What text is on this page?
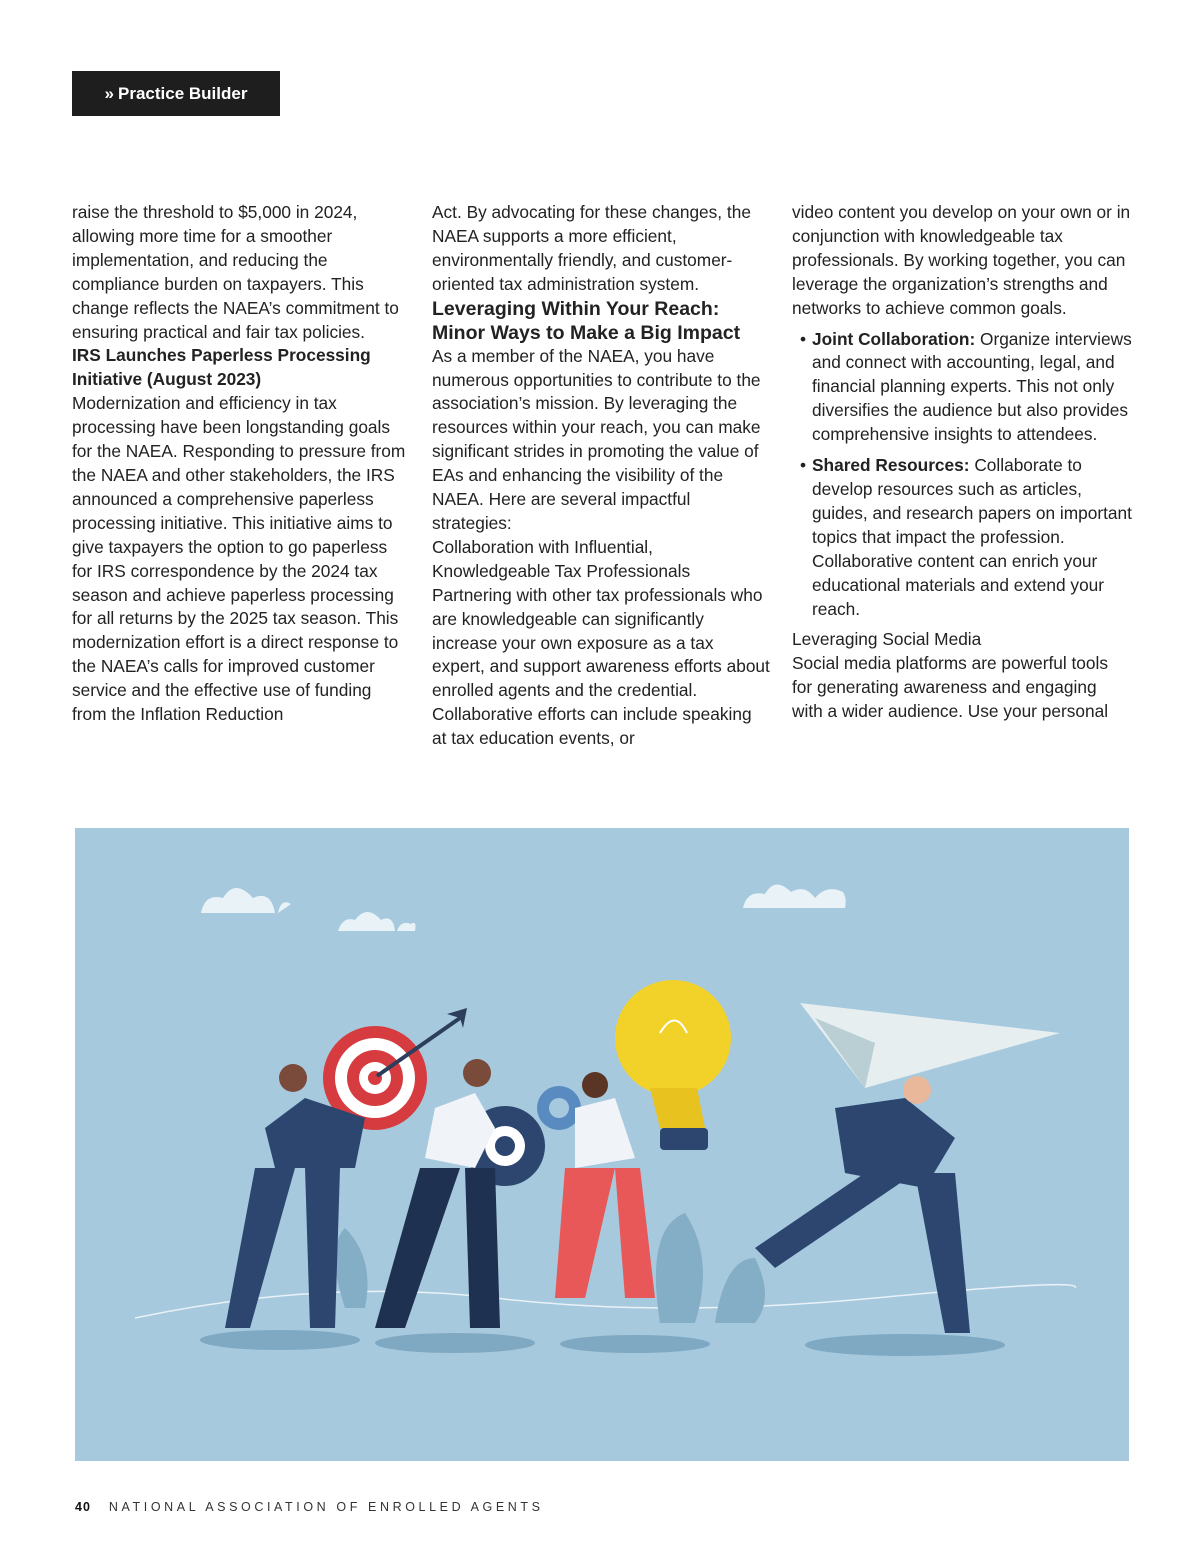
» Practice Builder

raise the threshold to $5,000 in 2024, allowing more time for a smoother implementation, and reducing the compliance burden on taxpayers. This change reflects the NAEA’s commitment to ensuring practical and fair tax policies.

IRS Launches Paperless Processing Initiative (August 2023)

Modernization and efficiency in tax processing have been longstanding goals for the NAEA. Responding to pressure from the NAEA and other stakeholders, the IRS announced a comprehensive paperless processing initiative. This initiative aims to give taxpayers the option to go paperless for IRS correspondence by the 2024 tax season and achieve paperless processing for all returns by the 2025 tax season. This modernization effort is a direct response to the NAEA’s calls for improved customer service and the effective use of funding from the Inflation Reduction

Act. By advocating for these changes, the NAEA supports a more efficient, environmentally friendly, and customer-oriented tax administration system.

Leveraging Within Your Reach: Minor Ways to Make a Big Impact

As a member of the NAEA, you have numerous opportunities to contribute to the association’s mission. By leveraging the resources within your reach, you can make significant strides in promoting the value of EAs and enhancing the visibility of the NAEA. Here are several impactful strategies:

Collaboration with Influential, Knowledgeable Tax Professionals

Partnering with other tax professionals who are knowledgeable can significantly increase your own exposure as a tax expert, and support awareness efforts about enrolled agents and the credential. Collaborative efforts can include speaking at tax education events, or

video content you develop on your own or in conjunction with knowledgeable tax professionals. By working together, you can leverage the organization’s strengths and networks to achieve common goals.

• Joint Collaboration: Organize interviews and connect with accounting, legal, and financial planning experts. This not only diversifies the audience but also provides comprehensive insights to attendees.
• Shared Resources: Collaborate to develop resources such as articles, guides, and research papers on important topics that impact the profession. Collaborative content can enrich your educational materials and extend your reach.

Leveraging Social Media

Social media platforms are powerful tools for generating awareness and engaging with a wider audience. Use your personal

40 NATIONAL ASSOCIATION OF ENROLLED AGENTS
